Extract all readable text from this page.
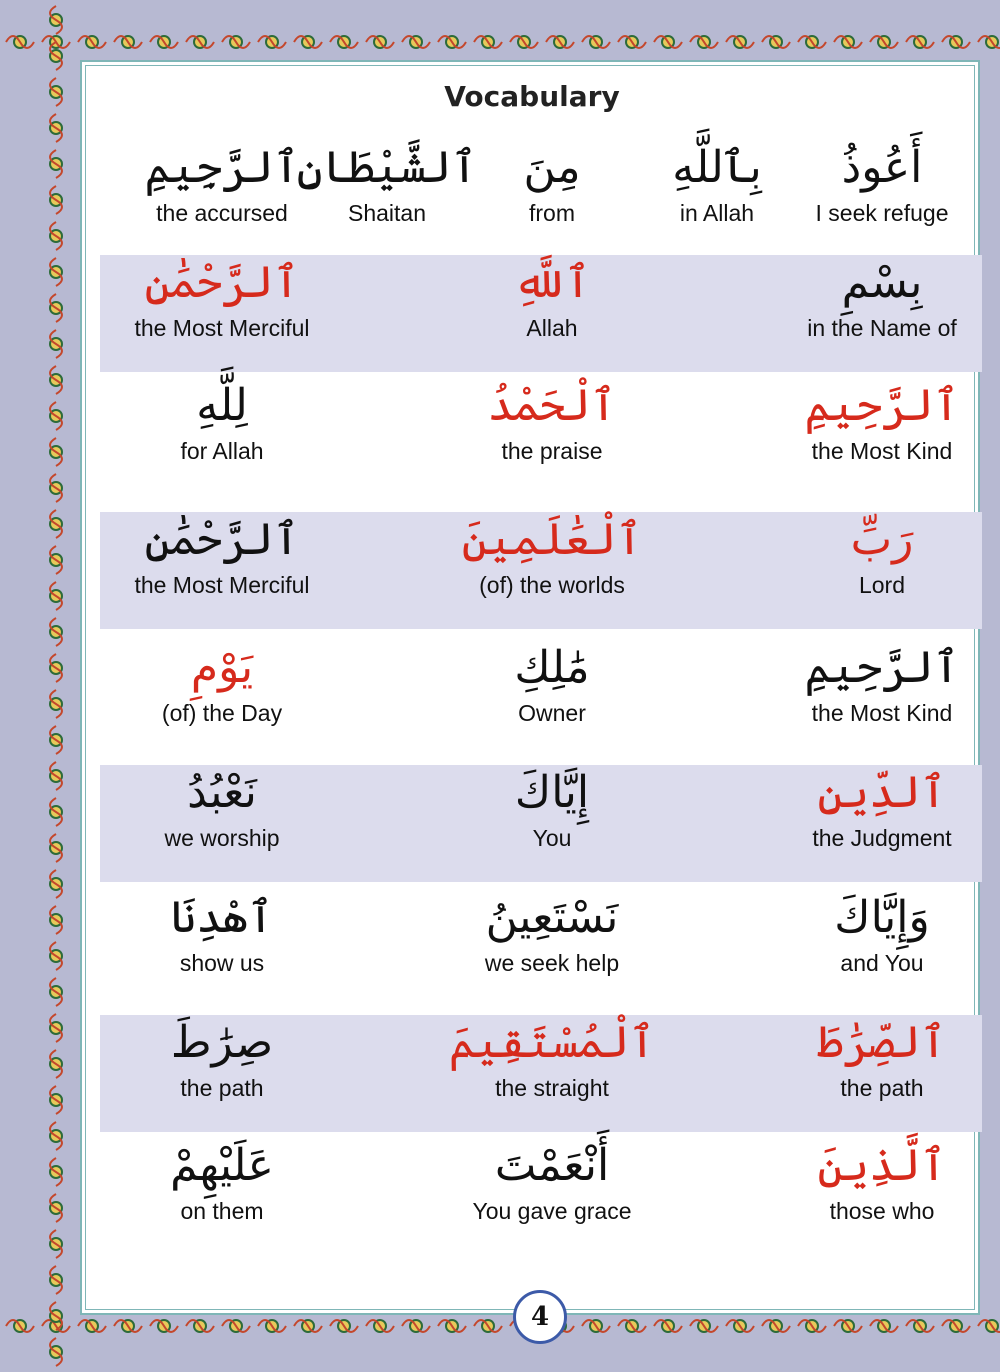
Vocabulary
أَعُوذُ
I seek refuge
بِٱللَّهِ
in Allah
مِنَ
from
ٱلشَّيْطَانِ
Shaitan
ٱلرَّجِيمِ
the accursed
بِسْمِ
in the Name of
ٱللَّهِ
Allah
ٱلرَّحْمَٰنِ
the Most Merciful
ٱلرَّحِيمِ
the Most Kind
ٱلْحَمْدُ
the praise
لِلَّهِ
for Allah
رَبِّ
Lord
ٱلْعَٰلَمِينَ
(of) the worlds
ٱلرَّحْمَٰنِ
the Most Merciful
ٱلرَّحِيمِ
the Most Kind
مَٰلِكِ
Owner
يَوْمِ
(of) the Day
ٱلدِّينِ
the Judgment
إِيَّاكَ
You
نَعْبُدُ
we worship
وَإِيَّاكَ
and You
نَسْتَعِينُ
we seek help
ٱهْدِنَا
show us
ٱلصِّرَٰطَ
the path
ٱلْمُسْتَقِيمَ
the straight
صِرَٰطَ
the path
ٱلَّذِينَ
those who
أَنْعَمْتَ
You gave grace
عَلَيْهِمْ
on them
4
